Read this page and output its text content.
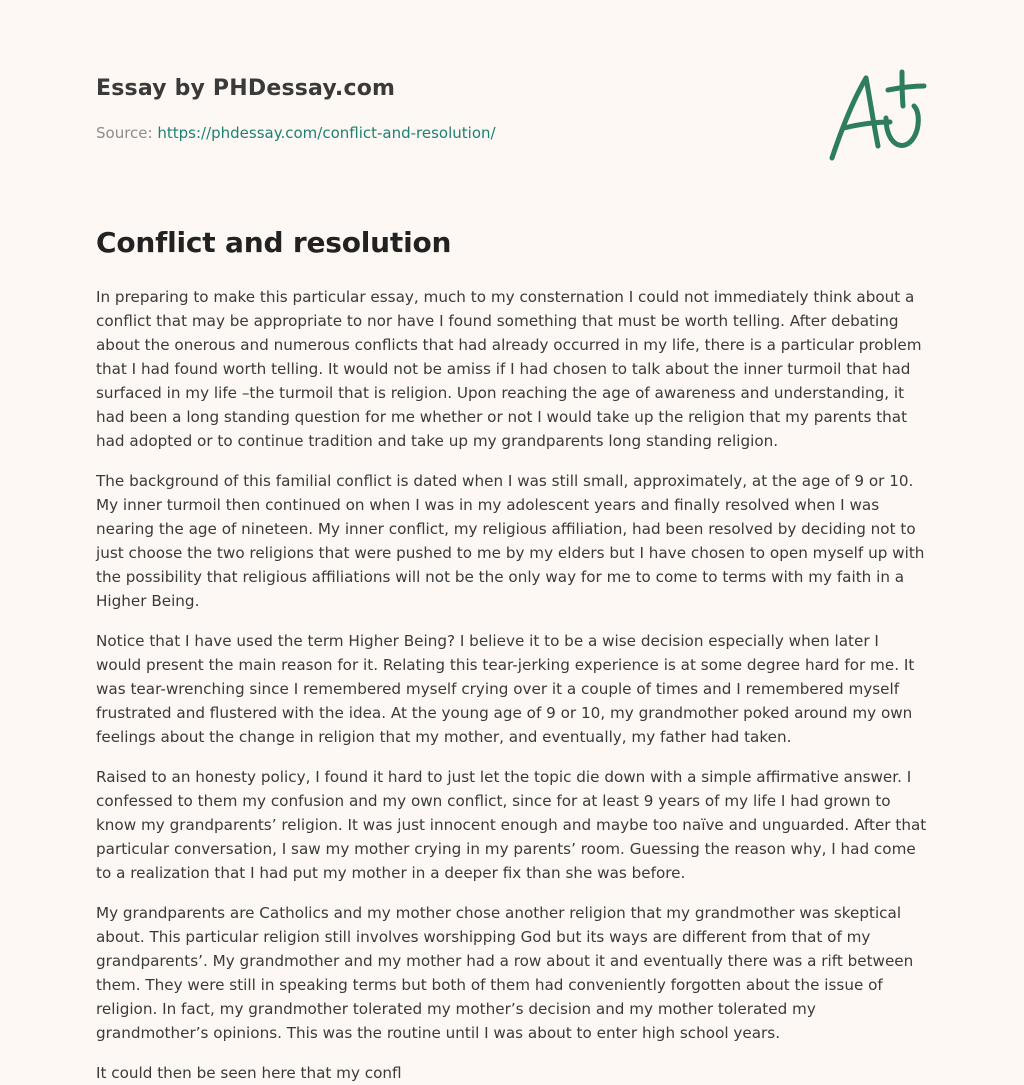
Essay by PHDessay.com
Source: https://phdessay.com/conflict-and-resolution/
Conflict and resolution

In preparing to make this particular essay, much to my consternation I could not immediately think about a conflict that may be appropriate to nor have I found something that must be worth telling. After debating about the onerous and numerous conflicts that had already occurred in my life, there is a particular problem that I had found worth telling. It would not be amiss if I had chosen to talk about the inner turmoil that had surfaced in my life –the turmoil that is religion. Upon reaching the age of awareness and understanding, it had been a long standing question for me whether or not I would take up the religion that my parents that had adopted or to continue tradition and take up my grandparents long standing religion.

The background of this familial conflict is dated when I was still small, approximately, at the age of 9 or 10. My inner turmoil then continued on when I was in my adolescent years and finally resolved when I was nearing the age of nineteen. My inner conflict, my religious affiliation, had been resolved by deciding not to just choose the two religions that were pushed to me by my elders but I have chosen to open myself up with the possibility that religious affiliations will not be the only way for me to come to terms with my faith in a Higher Being.

Notice that I have used the term Higher Being? I believe it to be a wise decision especially when later I would present the main reason for it. Relating this tear-jerking experience is at some degree hard for me. It was tear-wrenching since I remembered myself crying over it a couple of times and I remembered myself frustrated and flustered with the idea. At the young age of 9 or 10, my grandmother poked around my own feelings about the change in religion that my mother, and eventually, my father had taken.

Raised to an honesty policy, I found it hard to just let the topic die down with a simple affirmative answer. I confessed to them my confusion and my own conflict, since for at least 9 years of my life I had grown to know my grandparents’ religion. It was just innocent enough and maybe too naïve and unguarded. After that particular conversation, I saw my mother crying in my parents’ room. Guessing the reason why, I had come to a realization that I had put my mother in a deeper fix than she was before.

My grandparents are Catholics and my mother chose another religion that my grandmother was skeptical about. This particular religion still involves worshipping God but its ways are different from that of my grandparents’. My grandmother and my mother had a row about it and eventually there was a rift between them. They were still in speaking terms but both of them had conveniently forgotten about the issue of religion. In fact, my grandmother tolerated my mother’s decision and my mother tolerated my grandmother’s opinions. This was the routine until I was about to enter high school years.

It could then be seen here that my confl
